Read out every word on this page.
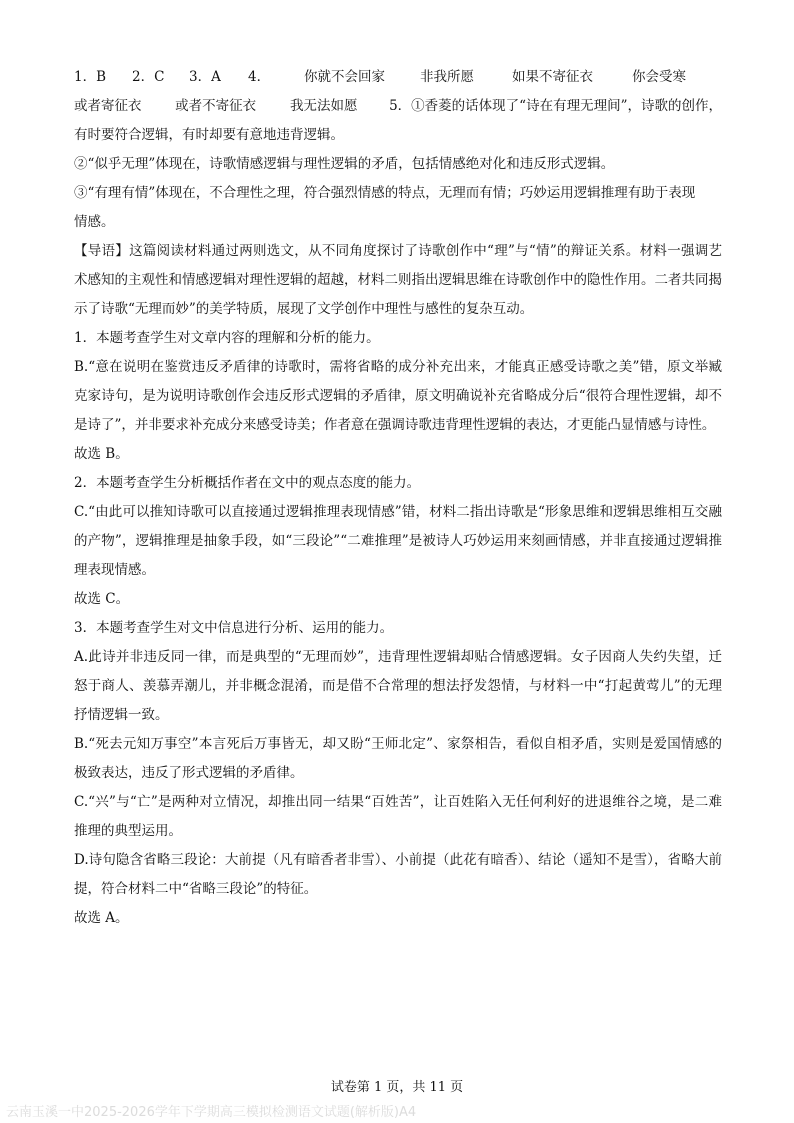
1．B	2．C	3．A	4．	你就不会回家	非我所愿	如果不寄征衣	你会受寒
或者寄征衣	或者不寄征衣	我无法如愿	5．①香菱的话体现了“诗在有理无理间”，诗歌的创作，

有时要符合逻辑，有时却要有意地违背逻辑。

②“似乎无理”体现在，诗歌情感逻辑与理性逻辑的矛盾，包括情感绝对化和违反形式逻辑。

③“有理有情”体现在，不合理性之理，符合强烈情感的特点，无理而有情；巧妙运用逻辑推理有助于表现
情感。

【导语】这篇阅读材料通过两则选文，从不同角度探讨了诗歌创作中“理”与“情”的辩证关系。材料一强调艺术感知的主观性和情感逻辑对理性逻辑的超越，材料二则指出逻辑思维在诗歌创作中的隐性作用。二者共同揭示了诗歌“无理而妙”的美学特质，展现了文学创作中理性与感性的复杂互动。

1．本题考查学生对文章内容的理解和分析的能力。

B.“意在说明在鉴赏违反矛盾律的诗歌时，需将省略的成分补充出来，才能真正感受诗歌之美”错，原文举臧克家诗句，是为说明诗歌创作会违反形式逻辑的矛盾律，原文明确说补充省略成分后“很符合理性逻辑，却不是诗了”，并非要求补充成分来感受诗美；作者意在强调诗歌违背理性逻辑的表达，才更能凸显情感与诗性。

故选 B。

2．本题考查学生分析概括作者在文中的观点态度的能力。

C.“由此可以推知诗歌可以直接通过逻辑推理表现情感”错，材料二指出诗歌是“形象思维和逻辑思维相互交融的产物”，逻辑推理是抽象手段，如“三段论”“二难推理”是被诗人巧妙运用来刻画情感，并非直接通过逻辑推理表现情感。

故选 C。

3．本题考查学生对文中信息进行分析、运用的能力。

A.此诗并非违反同一律，而是典型的“无理而妙”，违背理性逻辑却贴合情感逻辑。女子因商人失约失望，迁怒于商人、羡慕弄潮儿，并非概念混淆，而是借不合常理的想法抒发怨情，与材料一中“打起黄莺儿”的无理抒情逻辑一致。

B.“死去元知万事空”本言死后万事皆无，却又盼“王师北定”、家祭相告，看似自相矛盾，实则是爱国情感的极致表达，违反了形式逻辑的矛盾律。

C.“兴”与“亡”是两种对立情况，却推出同一结果“百姓苦”，让百姓陷入无任何利好的进退维谷之境，是二难推理的典型运用。

D.诗句隐含省略三段论：大前提（凡有暗香者非雪）、小前提（此花有暗香）、结论（遥知不是雪），省略大前提，符合材料二中“省略三段论”的特征。

故选 A。

试卷第 1 页，共 11 页
云南玉溪一中2025-2026学年下学期高三模拟检测语文试题(解析版)A4
